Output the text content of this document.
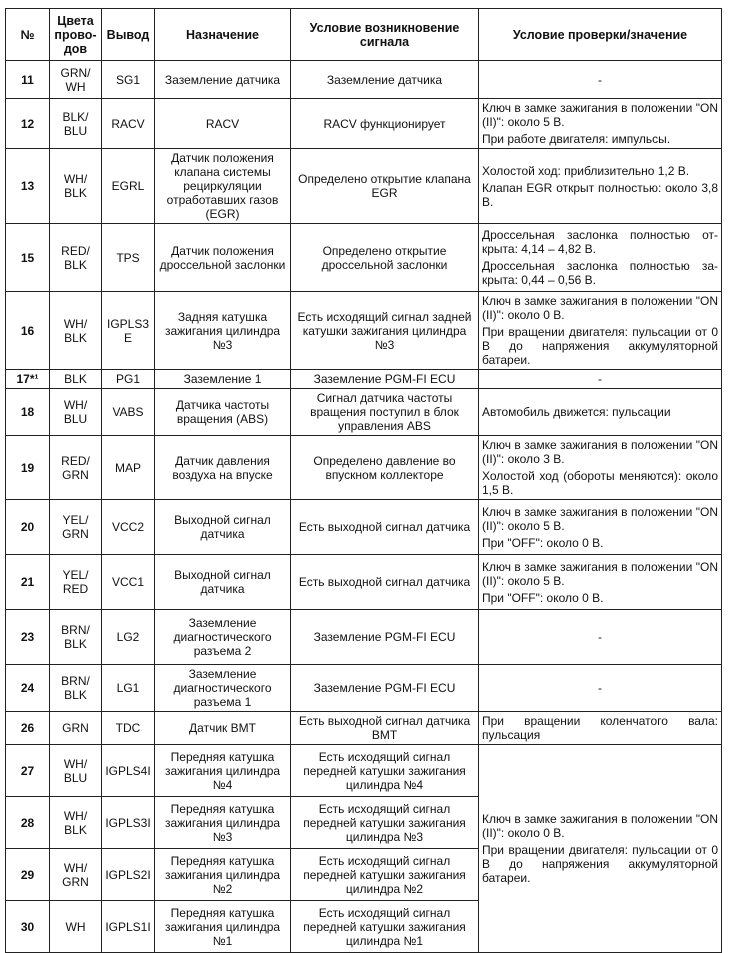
№	Цвета прово-дов	Вывод	Назначение	Условие возникновение сигнала	Условие проверки/значение
11	GRN/ WH	SG1	Заземление датчика	Заземление датчика	-

12	BLK/ BLU	RACV	RACV	RACV функционирует	Ключ в замке зажигания в положении "ON (II)": около 5 В.

При работе двигателя: импульсы.

13	WH/ BLK	EGRL	Датчик положения клапана системы рециркуляции отработавших газов (EGR)	Определено открытие клапана EGR	Холостой ход: приблизительно 1,2 В.

Клапан EGR открыт полностью: около 3,8 В.

15	RED/ BLK	TPS	Датчик положения дроссельной заслонки	Определено открытие дроссельной заслонки	Дроссельная заслонка полностью от-крыта: 4,14 – 4,82 В.

Дроссельная заслонка полностью за-крыта: 0,44 – 0,56 В.

16	WH/ BLK	IGPLS3 E	Задняя катушка зажигания цилиндра №3	Есть исходящий сигнал задней катушки зажигания цилиндра №3	Ключ в замке зажигания в положении "ON (II)": около 0 В.

При вращении двигателя: пульсации от 0 В до напряжения аккумуляторной батареи.

17*¹	BLK	PG1	Заземление 1	Заземление PGM-FI ECU	-

18	WH/ BLU	VABS	Датчика частоты вращения (ABS)	Сигнал датчика частоты вращения поступил в блок управления ABS	Автомобиль движется: пульсации

19	RED/ GRN	MAP	Датчик давления воздуха на впуске	Определено давление во впускном коллекторе	Ключ в замке зажигания в положении "ON (II)": около 3 В.

Холостой ход (обороты меняются): около 1,5 В.

20	YEL/ GRN	VCC2	Выходной сигнал датчика	Есть выходной сигнал датчика	Ключ в замке зажигания в положении "ON (II)": около 5 В.

При "OFF": около 0 В.

21	YEL/ RED	VCC1	Выходной сигнал датчика	Есть выходной сигнал датчика	Ключ в замке зажигания в положении "ON (II)": около 5 В.

При "OFF": около 0 В.

23	BRN/ BLK	LG2	Заземление диагностического разъема 2	Заземление PGM-FI ECU	-

24	BRN/ BLK	LG1	Заземление диагностического разъема 1	Заземление PGM-FI ECU	-

26	GRN	TDC	Датчик ВМТ	Есть выходной сигнал датчика ВМТ	При вращении коленчатого вала: пульсация

27	WH/ BLU	IGPLS4I	Передняя катушка зажигания цилиндра №4	Есть исходящий сигнал передней катушки зажигания цилиндра №4	Ключ в замке зажигания в положении "ON (II)": около 0 В.

При вращении двигателя: пульсации от 0 В до напряжения аккумуляторной батареи.

28	WH/ BLK	IGPLS3I	Передняя катушка зажигания цилиндра №3	Есть исходящий сигнал передней катушки зажигания цилиндра №3	
29	WH/ GRN	IGPLS2I	Передняя катушка зажигания цилиндра №2	Есть исходящий сигнал передней катушки зажигания цилиндра №2	
30	WH	IGPLS1I	Передняя катушка зажигания цилиндра №1	Есть исходящий сигнал передней катушки зажигания цилиндра №1	
